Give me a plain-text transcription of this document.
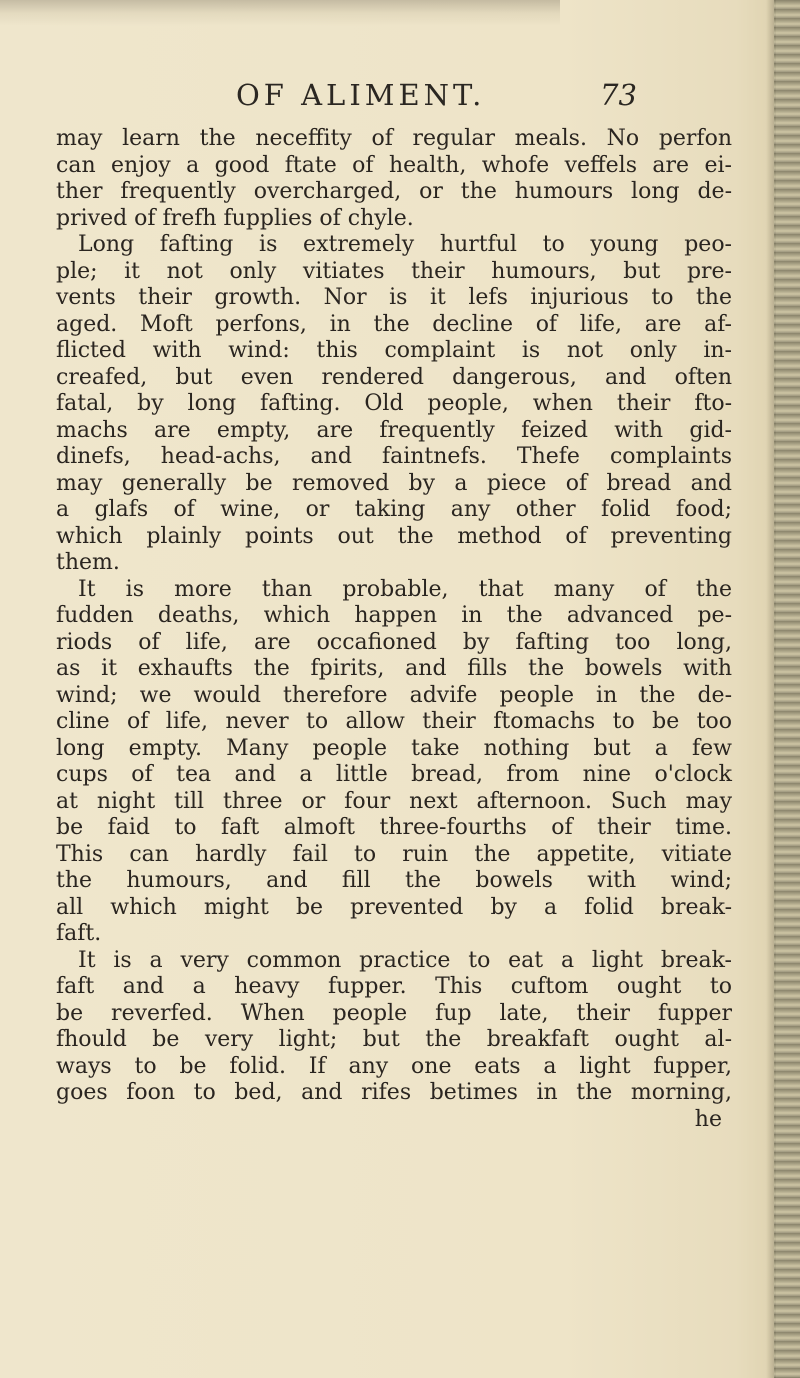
OF ALIMENT.	73
may learn the neceffity of regular meals. No perfon
can enjoy a good ftate of health, whofe veffels are ei-
ther frequently overcharged, or the humours long de-
prived of frefh fupplies of chyle.
Long fafting is extremely hurtful to young peo-
ple; it not only vitiates their humours, but pre-
vents their growth. Nor is it lefs injurious to the
aged. Moft perfons, in the decline of life, are af-
flicted with wind: this complaint is not only in-
creafed, but even rendered dangerous, and often
fatal, by long fafting. Old people, when their fto-
machs are empty, are frequently feized with gid-
dinefs, head-achs, and faintnefs. Thefe complaints
may generally be removed by a piece of bread and
a glafs of wine, or taking any other folid food;
which plainly points out the method of preventing
them.
It is more than probable, that many of the
fudden deaths, which happen in the advanced pe-
riods of life, are occafioned by fafting too long,
as it exhaufts the fpirits, and fills the bowels with
wind; we would therefore advife people in the de-
cline of life, never to allow their ftomachs to be too
long empty. Many people take nothing but a few
cups of tea and a little bread, from nine o'clock
at night till three or four next afternoon. Such may
be faid to faft almoft three-fourths of their time.
This can hardly fail to ruin the appetite, vitiate
the humours, and fill the bowels with wind;
all which might be prevented by a folid break-
faft.
It is a very common practice to eat a light break-
faft and a heavy fupper. This cuftom ought to
be reverfed. When people fup late, their fupper
fhould be very light; but the breakfaft ought al-
ways to be folid. If any one eats a light fupper,
goes foon to bed, and rifes betimes in the morning,
he
